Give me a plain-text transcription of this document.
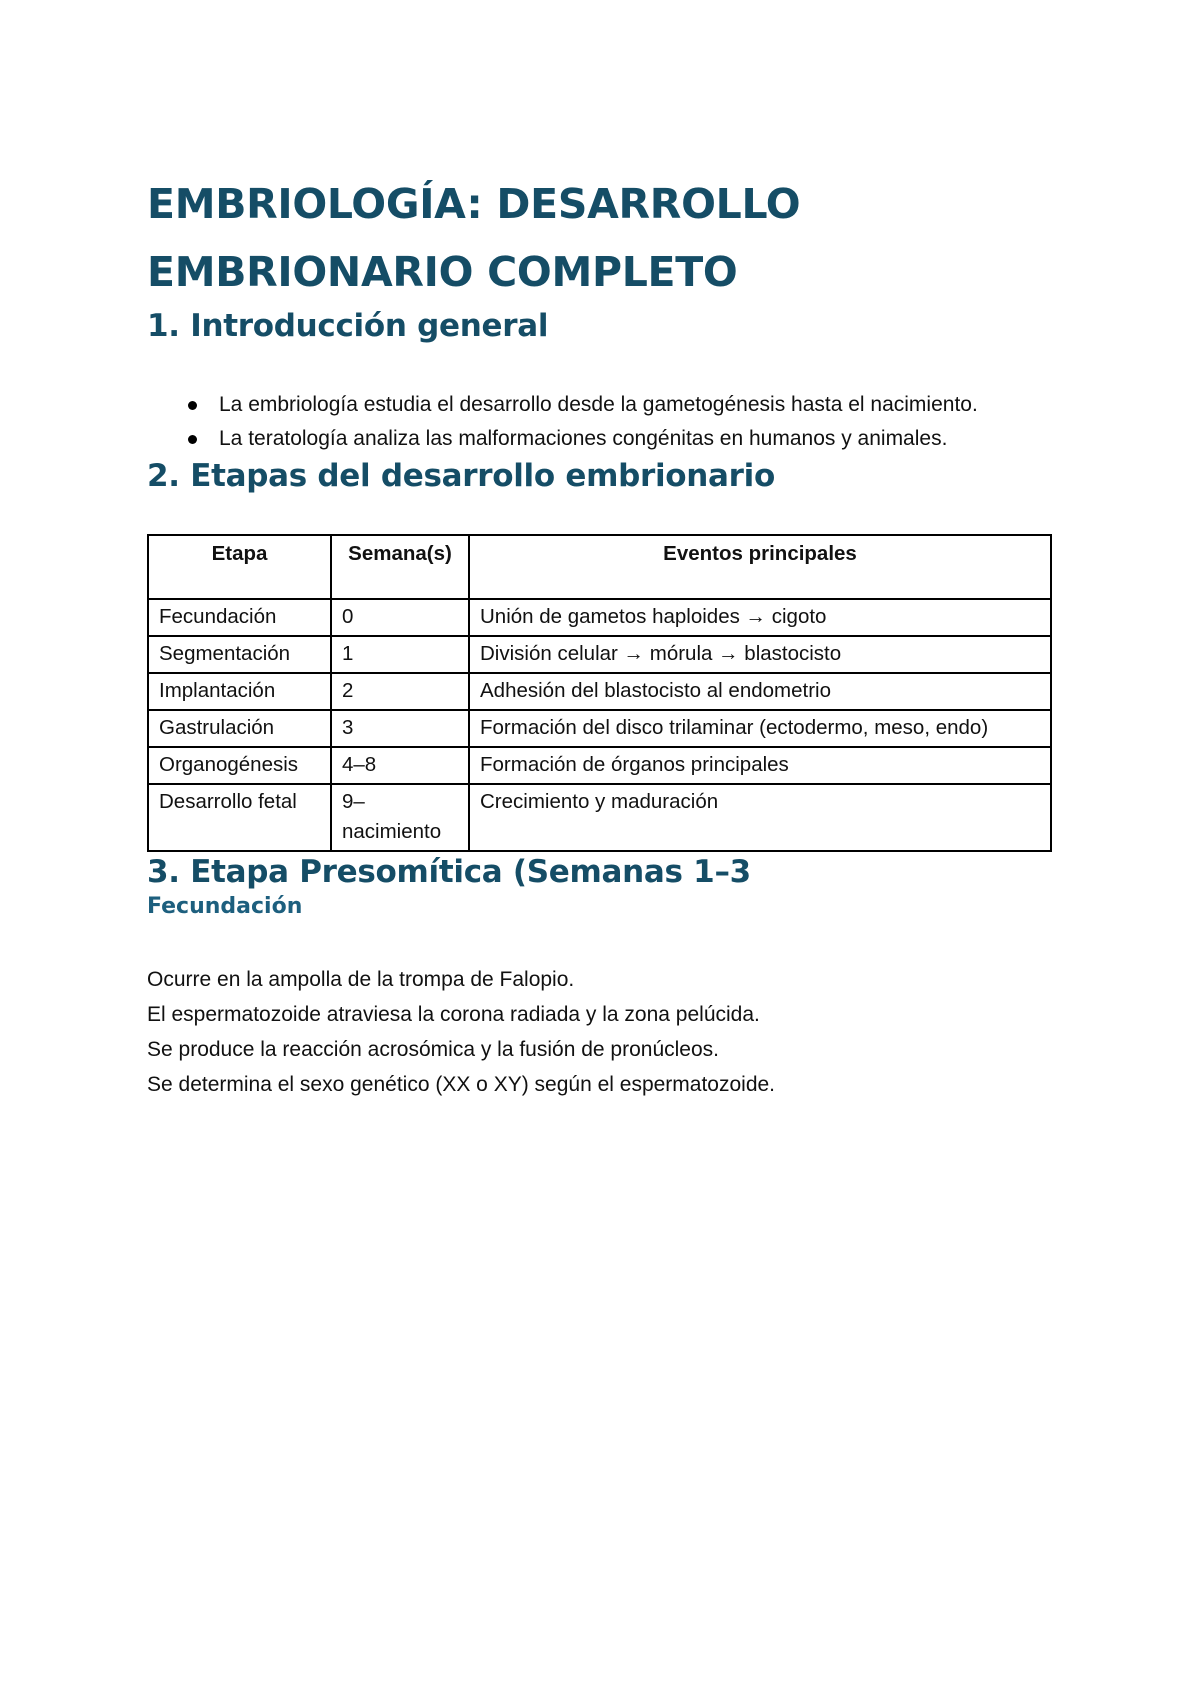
EMBRIOLOGÍA: DESARROLLO EMBRIONARIO COMPLETO
1. Introducción general
La embriología estudia el desarrollo desde la gametogénesis hasta el nacimiento.
La teratología analiza las malformaciones congénitas en humanos y animales.
2. Etapas del desarrollo embrionario
Etapa	Semana(s)	Eventos principales
Fecundación	0	Unión de gametos haploides → cigoto
Segmentación	1	División celular → mórula → blastocisto
Implantación	2	Adhesión del blastocisto al endometrio
Gastrulación	3	Formación del disco trilaminar (ectodermo, meso, endo)
Organogénesis	4–8	Formación de órganos principales
Desarrollo fetal	9–nacimiento	Crecimiento y maduración
3. Etapa Presomítica (Semanas 1–3
Fecundación

Ocurre en la ampolla de la trompa de Falopio.

El espermatozoide atraviesa la corona radiada y la zona pelúcida.

Se produce la reacción acrosómica y la fusión de pronúcleos.

Se determina el sexo genético (XX o XY) según el espermatozoide.
